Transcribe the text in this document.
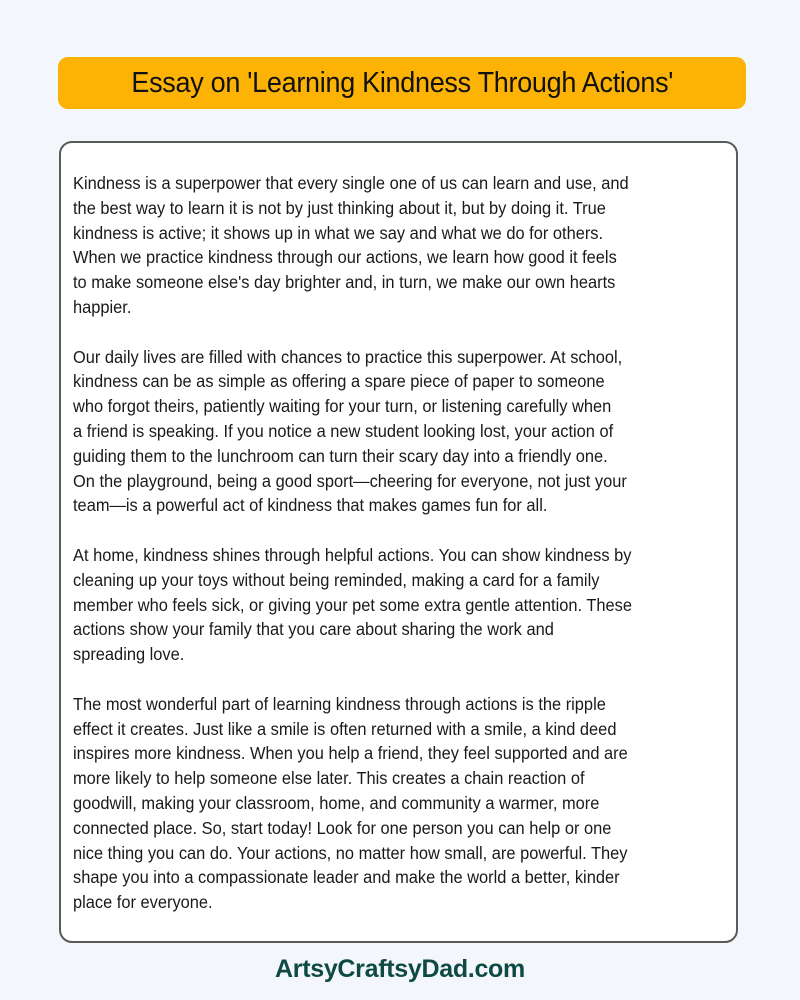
Essay on 'Learning Kindness Through Actions'

Kindness is a superpower that every single one of us can learn and use, and
the best way to learn it is not by just thinking about it, but by doing it. True
kindness is active; it shows up in what we say and what we do for others.
When we practice kindness through our actions, we learn how good it feels
to make someone else's day brighter and, in turn, we make our own hearts
happier.

Our daily lives are filled with chances to practice this superpower. At school,
kindness can be as simple as offering a spare piece of paper to someone
who forgot theirs, patiently waiting for your turn, or listening carefully when
a friend is speaking. If you notice a new student looking lost, your action of
guiding them to the lunchroom can turn their scary day into a friendly one.
On the playground, being a good sport—cheering for everyone, not just your
team—is a powerful act of kindness that makes games fun for all.

At home, kindness shines through helpful actions. You can show kindness by
cleaning up your toys without being reminded, making a card for a family
member who feels sick, or giving your pet some extra gentle attention. These
actions show your family that you care about sharing the work and
spreading love.

The most wonderful part of learning kindness through actions is the ripple
effect it creates. Just like a smile is often returned with a smile, a kind deed
inspires more kindness. When you help a friend, they feel supported and are
more likely to help someone else later. This creates a chain reaction of
goodwill, making your classroom, home, and community a warmer, more
connected place. So, start today! Look for one person you can help or one
nice thing you can do. Your actions, no matter how small, are powerful. They
shape you into a compassionate leader and make the world a better, kinder
place for everyone.

ArtsyCraftsyDad.com
